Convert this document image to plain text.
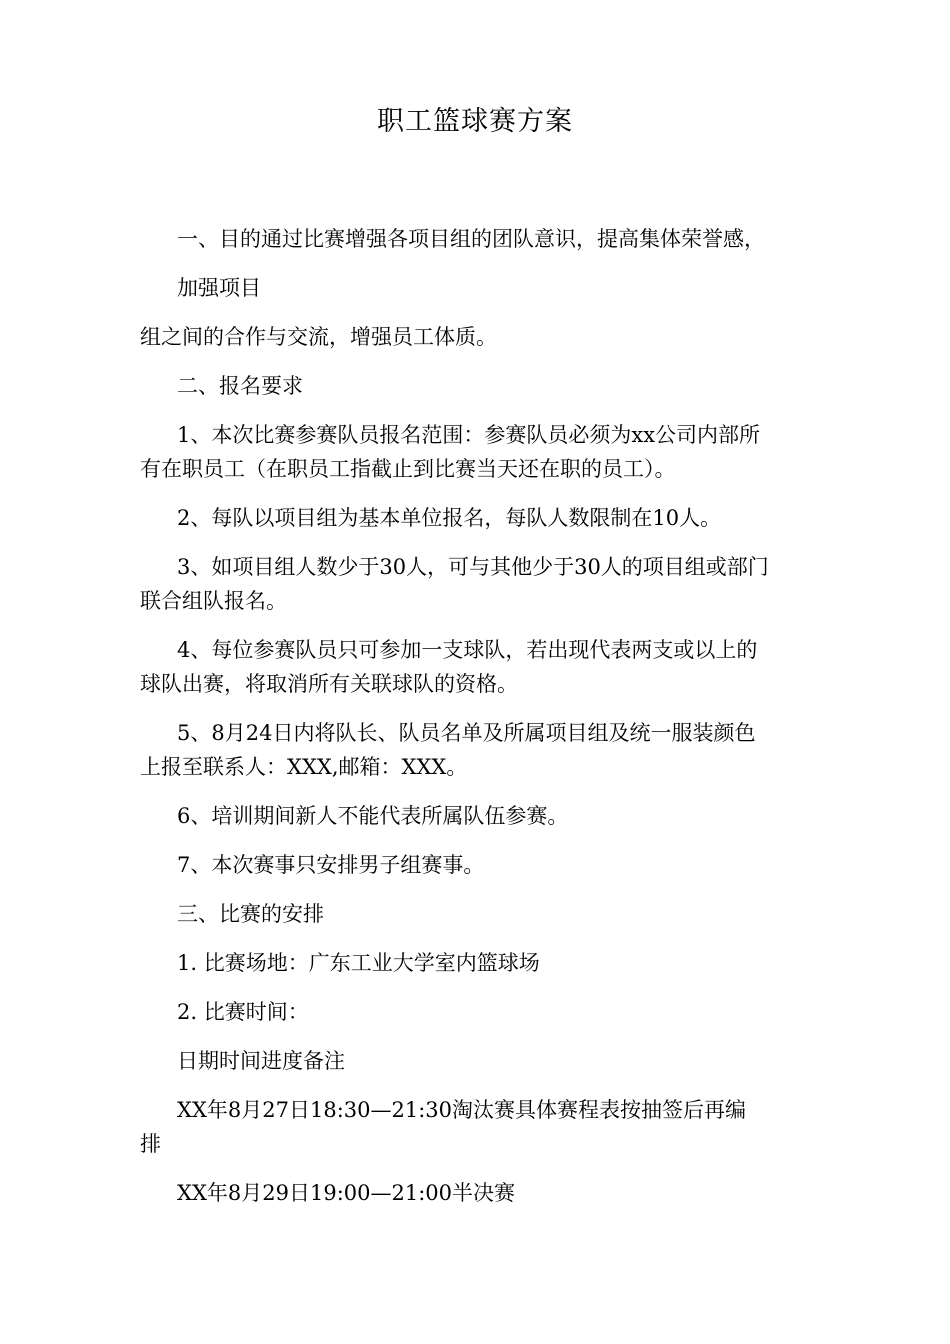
职工篮球赛方案

一、目的通过比赛增强各项目组的团队意识，提高集体荣誉感，

加强项目

组之间的合作与交流，增强员工体质。

二、报名要求

1、本次比赛参赛队员报名范围：参赛队员必须为xx公司内部所

有在职员工（在职员工指截止到比赛当天还在职的员工）。

2、每队以项目组为基本单位报名，每队人数限制在10人。

3、如项目组人数少于30人，可与其他少于30人的项目组或部门

联合组队报名。

4、每位参赛队员只可参加一支球队，若出现代表两支或以上的

球队出赛，将取消所有关联球队的资格。

5、8月24日内将队长、队员名单及所属项目组及统一服装颜色

上报至联系人：XXX,邮箱：XXX。

6、培训期间新人不能代表所属队伍参赛。

7、本次赛事只安排男子组赛事。

三、比赛的安排

1. 比赛场地：广东工业大学室内篮球场

2. 比赛时间：

日期时间进度备注

XX年8月27日18:30—21:30淘汰赛具体赛程表按抽签后再编

排

XX年8月29日19:00—21:00半决赛
